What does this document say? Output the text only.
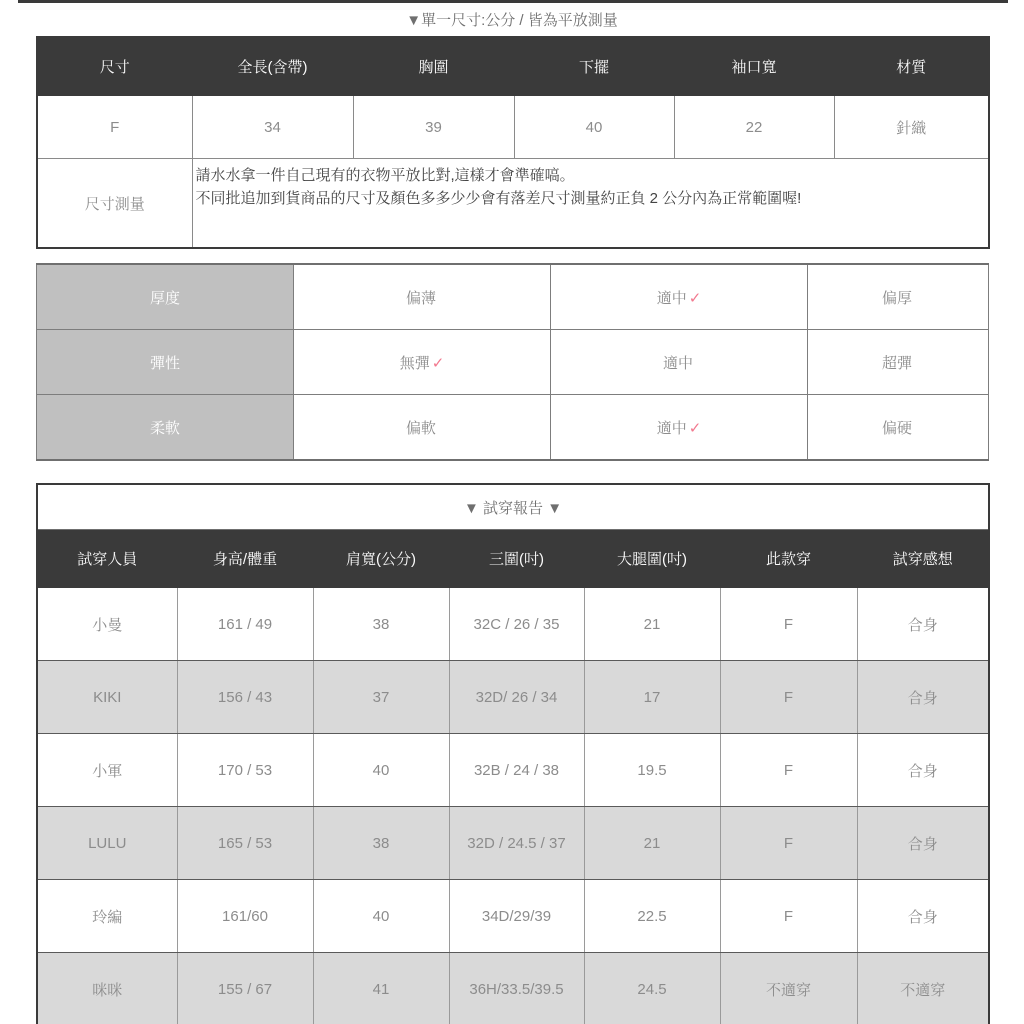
▼單一尺寸:公分 / 皆為平放測量
尺寸	全長(含帶)	胸圍	下擺	袖口寬	材質
F	34	39	40	22	針織
尺寸測量	請水水拿一件自己現有的衣物平放比對,這樣才會準確嗃。
不同批追加到貨商品的尺寸及顏色多多少少會有落差尺寸測量約正負 2 公分內為正常範圍喔!				
厚度	偏薄	適中 ✓	偏厚
彈性	無彈 ✓	適中	超彈
柔軟	偏軟	適中 ✓	偏硬
▼ 試穿報告 ▼						
試穿人員	身高/體重	肩寬(公分)	三圍(吋)	大腿圍(吋)	此款穿	試穿感想
小曼	161 / 49	38	32C / 26 / 35	21	F	合身
KIKI	156 / 43	37	32D/ 26 / 34	17	F	合身
小軍	170 / 53	40	32B / 24 / 38	19.5	F	合身
LULU	165 / 53	38	32D / 24.5 / 37	21	F	合身
玲編	161/60	40	34D/29/39	22.5	F	合身
咪咪	155 / 67	41	36H/33.5/39.5	24.5	不適穿	不適穿
